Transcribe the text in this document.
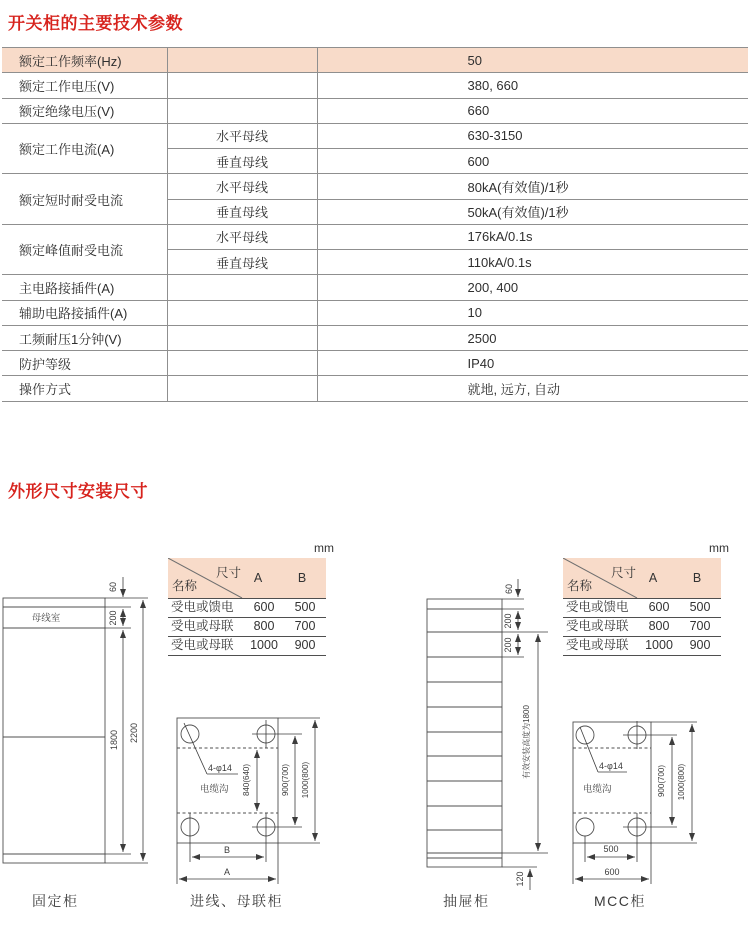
开关柜的主要技术参数
额定工作频率(Hz)		50
额定工作电压(V)		380, 660
额定绝缘电压(V)		660
额定工作电流(A)	水平母线	630-3150
	垂直母线	600
额定短时耐受电流	水平母线	80kA(有效值)/1秒
	垂直母线	50kA(有效值)/1秒
额定峰值耐受电流	水平母线	176kA/0.1s
	垂直母线	110kA/0.1s
主电路接插件(A)		200, 400
辅助电路接插件(A)		10
工频耐压1分钟(V)		2500
防护等级		IP40
操作方式		就地, 远方, 自动
外形尺寸安装尺寸
mm
尺寸
名称
A	B
受电或馈电	600	500
受电或母联	800	700
受电或母联	1000	900
mm
尺寸
名称
A	B
受电或馈电	600	500
受电或母联	800	700
受电或母联	1000	900
母线室
60
200
1800 2200
4-φ14
电缆沟 840(640)	900(700) 1000(800)
B
A
60
200
200
有效安装高度为1800
120
4-φ14
电缆沟	900(700) 1000(800)
500
600
固定柜	进线、母联柜	抽屉柜	MCC柜
